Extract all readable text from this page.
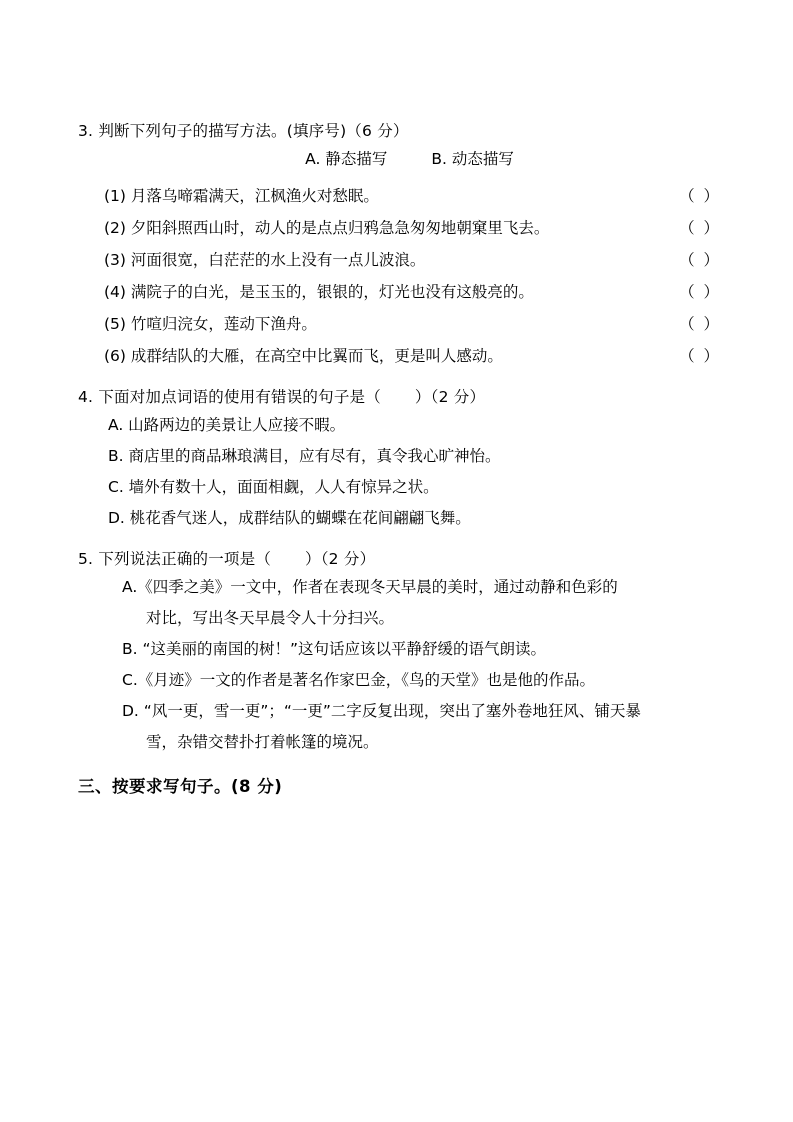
3. 判断下列句子的描写方法。(填序号)（6 分）
A. 静态描写	B. 动态描写
(1) 月落乌啼霜满天，江枫渔火对愁眠。	（ ）
(2) 夕阳斜照西山时，动人的是点点归鸦急急匆匆地朝窠里飞去。	（ ）
(3) 河面很宽，白茫茫的水上没有一点儿波浪。	（ ）
(4) 满院子的白光，是玉玉的，银银的，灯光也没有这般亮的。	（ ）
(5) 竹喧归浣女，莲动下渔舟。	（ ）
(6) 成群结队的大雁，在高空中比翼而飞，更是叫人感动。	（ ）
4. 下面对加点词语的使用有错误的句子是（ ）（2 分）
A. 山路两边的美景让人应接不暇。
B. 商店里的商品琳琅满目，应有尽有，真令我心旷神怡。
C. 墙外有数十人，面面相觑，人人有惊异之状。
D. 桃花香气迷人，成群结队的蝴蝶在花间翩翩飞舞。
5. 下列说法正确的一项是（ ）（2 分）
A.《四季之美》一文中，作者在表现冬天早晨的美时，通过动静和色彩的
对比，写出冬天早晨令人十分扫兴。
B. “这美丽的南国的树！”这句话应该以平静舒缓的语气朗读。
C.《月迹》一文的作者是著名作家巴金，《鸟的天堂》也是他的作品。
D. “风一更，雪一更”；“一更”二字反复出现，突出了塞外卷地狂风、铺天暴
雪，杂错交替扑打着帐篷的境况。
三、按要求写句子。(8 分)
